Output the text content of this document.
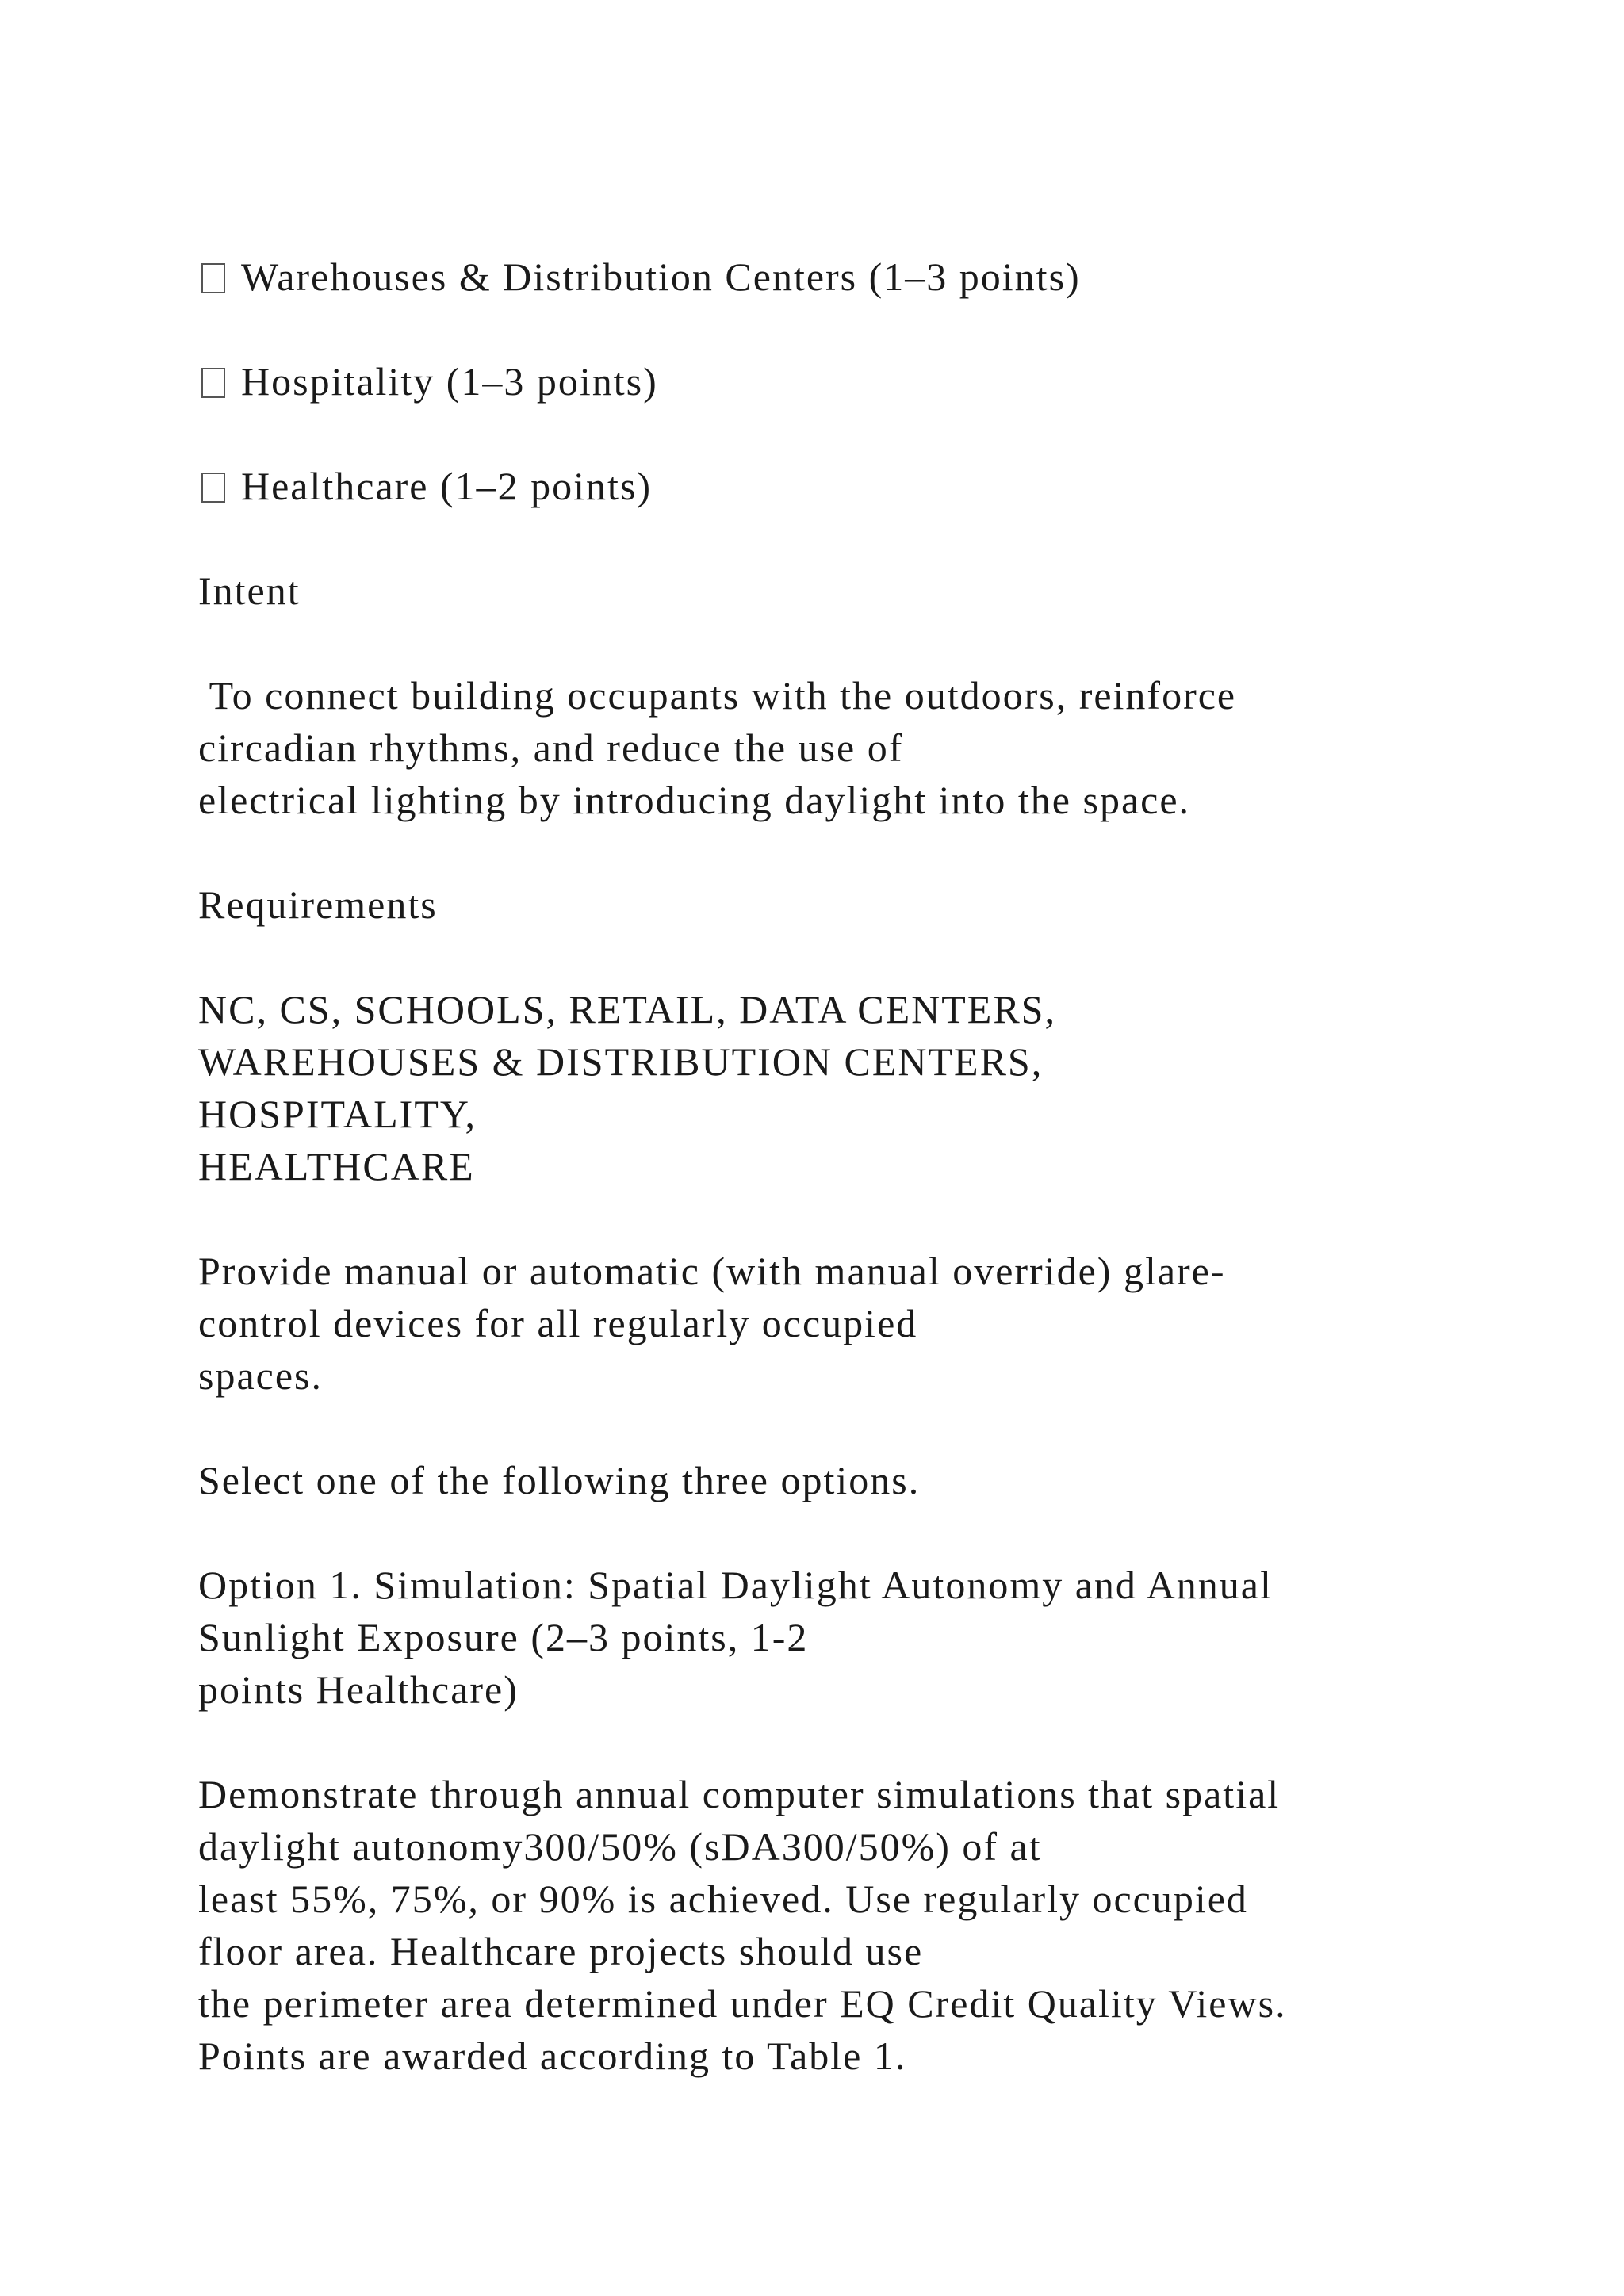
Warehouses & Distribution Centers (1–3 points)

Hospitality (1–3 points)

Healthcare (1–2 points)

Intent

To connect building occupants with the outdoors, reinforce
circadian rhythms, and reduce the use of
electrical lighting by introducing daylight into the space.

Requirements

NC, CS, SCHOOLS, RETAIL, DATA CENTERS,
WAREHOUSES & DISTRIBUTION CENTERS,
HOSPITALITY,
HEALTHCARE

Provide manual or automatic (with manual override) glare-
control devices for all regularly occupied
spaces.

Select one of the following three options.

Option 1. Simulation: Spatial Daylight Autonomy and Annual
Sunlight Exposure (2–3 points, 1-2
points Healthcare)

Demonstrate through annual computer simulations that spatial
daylight autonomy300/50% (sDA300/50%) of at
least 55%, 75%, or 90% is achieved. Use regularly occupied
floor area. Healthcare projects should use
the perimeter area determined under EQ Credit Quality Views.
Points are awarded according to Table 1.
